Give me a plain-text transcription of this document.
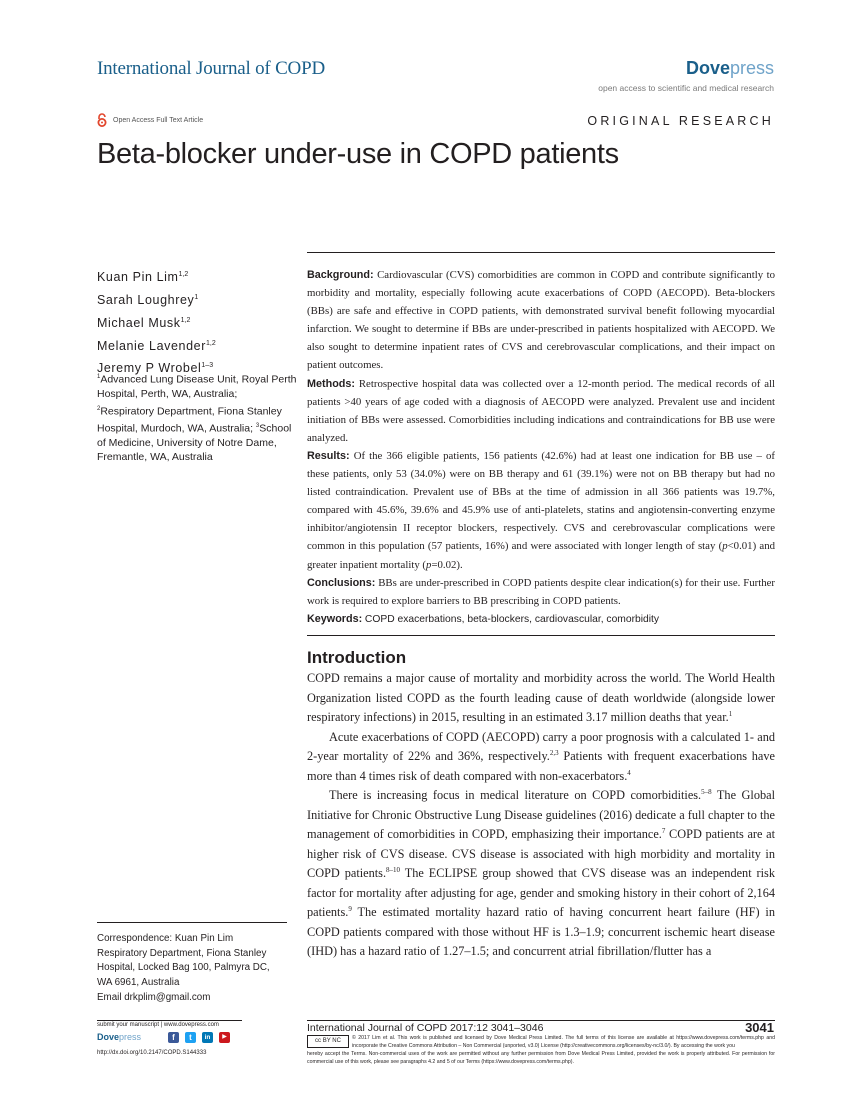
International Journal of COPD	Dovepress
open access to scientific and medical research
Open Access Full Text Article	ORIGINAL RESEARCH
Beta-blocker under-use in COPD patients
Kuan Pin Lim$^{1,2}$
Sarah Loughrey$^1$
Michael Musk$^{1,2}$
Melanie Lavender$^{1,2}$
Jeremy P Wrobel$^{1-3}$
$^1$Advanced Lung Disease Unit, Royal Perth Hospital, Perth, WA, Australia; $^2$Respiratory Department, Fiona Stanley Hospital, Murdoch, WA, Australia; $^3$School of Medicine, University of Notre Dame, Fremantle, WA, Australia

Background: Cardiovascular (CVS) comorbidities are common in COPD and contribute significantly to morbidity and mortality, especially following acute exacerbations of COPD (AECOPD). Beta-blockers (BBs) are safe and effective in COPD patients, with demonstrated survival benefit following myocardial infarction. We sought to determine if BBs are under-prescribed in patients hospitalized with AECOPD. We also sought to determine inpatient rates of CVS and cerebrovascular complications, and their impact on patient outcomes.

Methods: Retrospective hospital data was collected over a 12-month period. The medical records of all patients >40 years of age coded with a diagnosis of AECOPD were analyzed. Prevalent use and incident initiation of BBs were assessed. Comorbidities including indications and contraindications for BB use were analyzed.

Results: Of the 366 eligible patients, 156 patients (42.6%) had at least one indication for BB use – of these patients, only 53 (34.0%) were on BB therapy and 61 (39.1%) were not on BB therapy but had no listed contraindication. Prevalent use of BBs at the time of admission in all 366 patients was 19.7%, compared with 45.6%, 39.6% and 45.9% use of anti-platelets, statins and angiotensin-converting enzyme inhibitor/angiotensin II receptor blockers, respectively. CVS and cerebrovascular complications were common in this population (57 patients, 16%) and were associated with longer length of stay (p<0.01) and greater inpatient mortality (p=0.02).

Conclusions: BBs are under-prescribed in COPD patients despite clear indication(s) for their use. Further work is required to explore barriers to BB prescribing in COPD patients.

Keywords: COPD exacerbations, beta-blockers, cardiovascular, comorbidity

Introduction

COPD remains a major cause of mortality and morbidity across the world. The World Health Organization listed COPD as the fourth leading cause of death worldwide (alongside lower respiratory infections) in 2015, resulting in an estimated 3.17 million deaths that year.$^1$

Acute exacerbations of COPD (AECOPD) carry a poor prognosis with a calculated 1- and 2-year mortality of 22% and 36%, respectively.$^{2,3}$ Patients with frequent exacerbations have more than 4 times risk of death compared with non-exacerbators.$^4$

There is increasing focus in medical literature on COPD comorbidities.$^{5-8}$ The Global Initiative for Chronic Obstructive Lung Disease guidelines (2016) dedicate a full chapter to the management of comorbidities in COPD, emphasizing their importance.$^7$ COPD patients are at higher risk of CVS disease. CVS disease is associated with high morbidity and mortality in COPD patients.$^{8-10}$ The ECLIPSE group showed that CVS disease was an independent risk factor for mortality after adjusting for age, gender and smoking history in their cohort of 2,164 patients.$^9$ The estimated mortality hazard ratio of having concurrent heart failure (HF) in COPD patients compared with those without HF is 1.3–1.9; concurrent ischemic heart disease (IHD) has a hazard ratio of 1.27–1.5; and concurrent atrial fibrillation/flutter has a

Correspondence: Kuan Pin Lim
Respiratory Department, Fiona Stanley
Hospital, Locked Bag 100, Palmyra DC,
WA 6961, Australia
Email drkplim@gmail.com
submit your manuscript | www.dovepress.com
Dovepress	f	t	in	▶
http://dx.doi.org/10.2147/COPD.S144333
International Journal of COPD 2017:12 3041–3046	3041
cc BY NC	© 2017 Lim et al. This work is published and licensed by Dove Medical Press Limited. The full terms of this license are available at https://www.dovepress.com/terms.php and incorporate the Creative Commons Attribution – Non Commercial (unported, v3.0) License (http://creativecommons.org/licenses/by-nc/3.0/). By accessing the work you
hereby accept the Terms. Non-commercial uses of the work are permitted without any further permission from Dove Medical Press Limited, provided the work is properly attributed. For permission for commercial use of this work, please see paragraphs 4.2 and 5 of our Terms (https://www.dovepress.com/terms.php).
